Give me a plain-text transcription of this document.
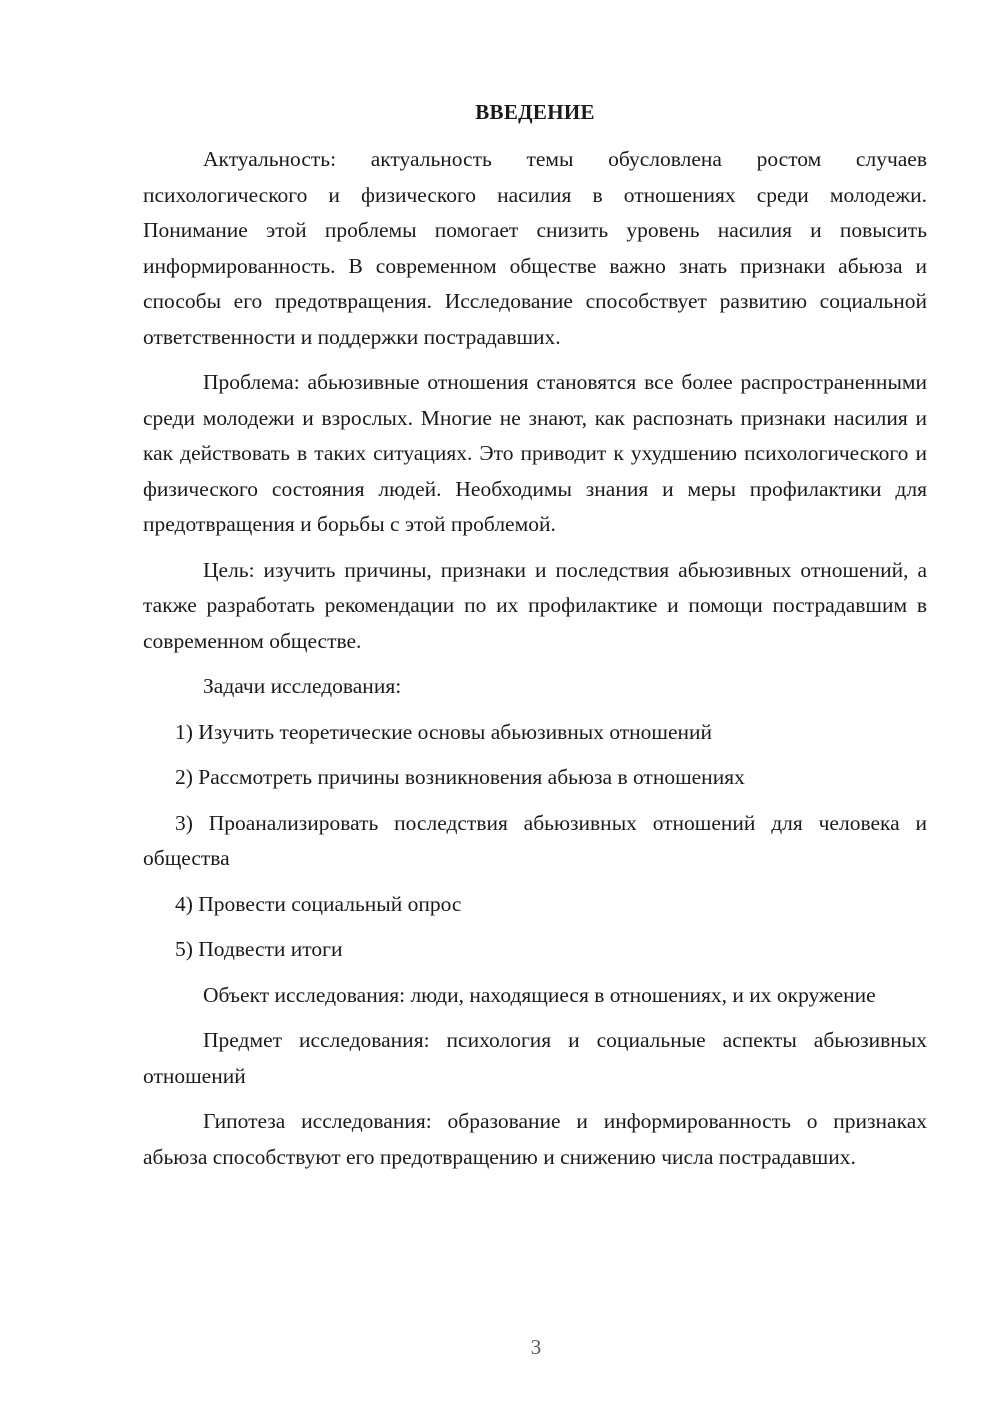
ВВЕДЕНИЕ

Актуальность: актуальность темы обусловлена ростом случаев психологического и физического насилия в отношениях среди молодежи. Понимание этой проблемы помогает снизить уровень насилия и повысить информированность. В современном обществе важно знать признаки абьюза и способы его предотвращения. Исследование способствует развитию социальной ответственности и поддержки пострадавших.

Проблема: абьюзивные отношения становятся все более распространенными среди молодежи и взрослых. Многие не знают, как распознать признаки насилия и как действовать в таких ситуациях. Это приводит к ухудшению психологического и физического состояния людей. Необходимы знания и меры профилактики для предотвращения и борьбы с этой проблемой.

Цель: изучить причины, признаки и последствия абьюзивных отношений, а также разработать рекомендации по их профилактике и помощи пострадавшим в современном обществе.

Задачи исследования:

1) Изучить теоретические основы абьюзивных отношений

2) Рассмотреть причины возникновения абьюза в отношениях

3) Проанализировать последствия абьюзивных отношений для человека и общества

4) Провести социальный опрос

5) Подвести итоги

Объект исследования: люди, находящиеся в отношениях, и их окружение

Предмет исследования: психология и социальные аспекты абьюзивных отношений

Гипотеза исследования: образование и информированность о признаках абьюза способствуют его предотвращению и снижению числа пострадавших.

3
